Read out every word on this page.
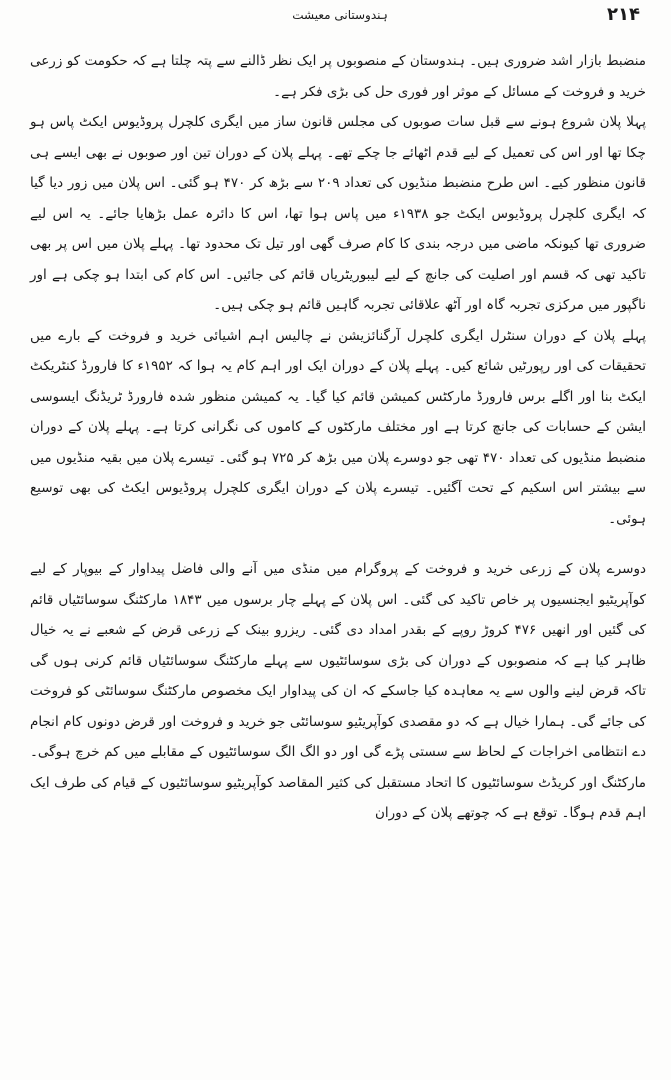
ہندوستانی معیشت	۲۱۴

منضبط بازار اشد ضروری ہیں۔ ہندوستان کے منصوبوں پر ایک نظر ڈالنے سے پتہ چلتا ہے کہ حکومت کو زرعی خرید و فروخت کے مسائل کے موثر اور فوری حل کی بڑی فکر ہے۔

پہلا پلان شروع ہونے سے قبل سات صوبوں کی مجلس قانون ساز میں ایگری کلچرل پروڈیوس ایکٹ پاس ہو چکا تھا اور اس کی تعمیل کے لیے قدم اٹھائے جا چکے تھے۔ پہلے پلان کے دوران تین اور صوبوں نے بھی ایسے ہی قانون منظور کیے۔ اس طرح منضبط منڈیوں کی تعداد ۲۰۹ سے بڑھ کر ۴۷۰ ہو گئی۔ اس پلان میں زور دیا گیا کہ ایگری کلچرل پروڈیوس ایکٹ جو ۱۹۳۸ء میں پاس ہوا تھا، اس کا دائرہ عمل بڑھایا جائے۔ یہ اس لیے ضروری تھا کیونکہ ماضی میں درجہ بندی کا کام صرف گھی اور تیل تک محدود تھا۔ پہلے پلان میں اس پر بھی تاکید تھی کہ قسم اور اصلیت کی جانچ کے لیے لیبوریٹریاں قائم کی جائیں۔ اس کام کی ابتدا ہو چکی ہے اور ناگپور میں مرکزی تجربہ گاہ اور آٹھ علاقائی تجربہ گاہیں قائم ہو چکی ہیں۔

پہلے پلان کے دوران سنٹرل ایگری کلچرل آرگنائزیشن نے چالیس اہم اشیائی خرید و فروخت کے بارے میں تحقیقات کی اور رپورٹیں شائع کیں۔ پہلے پلان کے دوران ایک اور اہم کام یہ ہوا کہ ۱۹۵۲ء کا فارورڈ کنٹریکٹ ایکٹ بنا اور اگلے برس فارورڈ مارکٹس کمیشن قائم کیا گیا۔ یہ کمیشن منظور شدہ فارورڈ ٹریڈنگ ایسوسی ایشن کے حسابات کی جانچ کرتا ہے اور مختلف مارکٹوں کے کاموں کی نگرانی کرتا ہے۔ پہلے پلان کے دوران منضبط منڈیوں کی تعداد ۴۷۰ تھی جو دوسرے پلان میں بڑھ کر ۷۲۵ ہو گئی۔ تیسرے پلان میں بقیہ منڈیوں میں سے بیشتر اس اسکیم کے تحت آگئیں۔ تیسرے پلان کے دوران ایگری کلچرل پروڈیوس ایکٹ کی بھی توسیع ہوئی۔

دوسرے پلان کے زرعی خرید و فروخت کے پروگرام میں منڈی میں آنے والی فاضل پیداوار کے بیوپار کے لیے کوآپریٹیو ایجنسیوں پر خاص تاکید کی گئی۔ اس پلان کے پہلے چار برسوں میں ۱۸۴۳ مارکٹنگ سوسائٹیاں قائم کی گئیں اور انھیں ۴۷۶ کروڑ روپے کے بقدر امداد دی گئی۔ ریزرو بینک کے زرعی قرض کے شعبے نے یہ خیال ظاہر کیا ہے کہ منصوبوں کے دوران کی بڑی سوسائٹیوں سے پہلے مارکٹنگ سوسائٹیاں قائم کرنی ہوں گی تاکہ قرض لینے والوں سے یہ معاہدہ کیا جاسکے کہ ان کی پیداوار ایک مخصوص مارکٹنگ سوسائٹی کو فروخت کی جائے گی۔ ہمارا خیال ہے کہ دو مقصدی کوآپریٹیو سوسائٹی جو خرید و فروخت اور قرض دونوں کام انجام دے انتظامی اخراجات کے لحاظ سے سستی پڑے گی اور دو الگ الگ سوسائٹیوں کے مقابلے میں کم خرچ ہوگی۔ مارکٹنگ اور کریڈٹ سوسائٹیوں کا اتحاد مستقبل کی کثیر المقاصد کوآپریٹیو سوسائٹیوں کے قیام کی طرف ایک اہم قدم ہوگا۔ توقع ہے کہ چوتھے پلان کے دوران
